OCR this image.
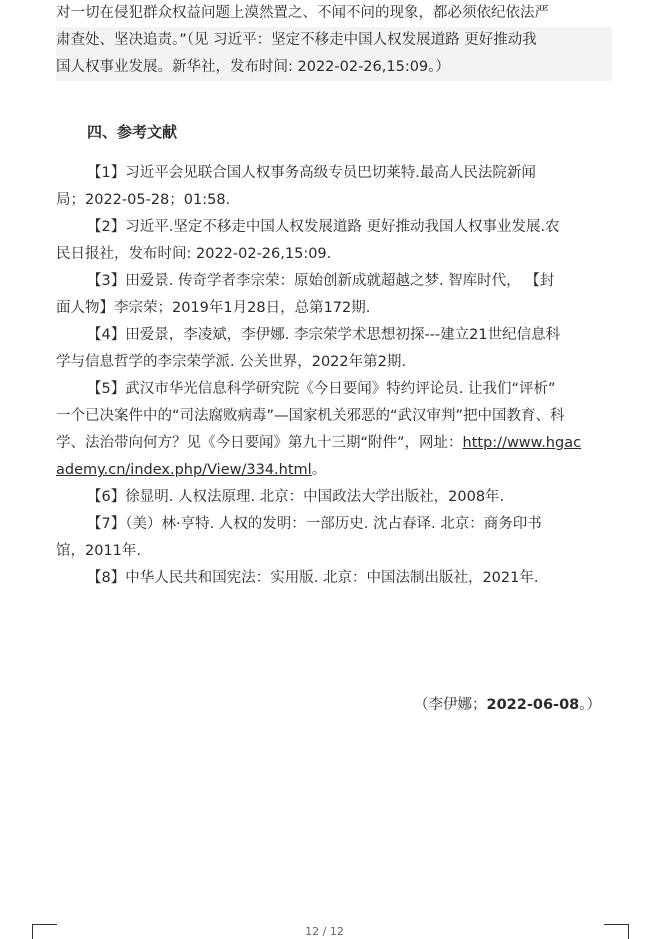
对一切在侵犯群众权益问题上漠然置之、不闻不问的现象，都必须依纪依法严
肃查处、坚决追责。”（见 习近平：坚定不移走中国人权发展道路 更好推动我
国人权事业发展。新华社，发布时间: 2022-02-26,15:09。）
四、参考文献
【1】习近平会见联合国人权事务高级专员巴切莱特.最高人民法院新闻
局；2022-05-28；01:58.
【2】习近平.坚定不移走中国人权发展道路 更好推动我国人权事业发展.农
民日报社，发布时间: 2022-02-26,15:09.
【3】田爱景. 传奇学者李宗荣：原始创新成就超越之梦. 智库时代， 【封
面人物】李宗荣；2019年1月28日，总第172期.
【4】田爱景，李凌斌，李伊娜. 李宗荣学术思想初探---建立21世纪信息科
学与信息哲学的李宗荣学派. 公关世界，2022年第2期.
【5】武汉市华光信息科学研究院《今日要闻》特约评论员. 让我们“评析”
一个已决案件中的“司法腐败病毒”—国家机关邪恶的“武汉审判”把中国教育、科
学、法治带向何方？见《今日要闻》第九十三期“附件”，网址：http://www.hgac
ademy.cn/index.php/View/334.html。
【6】徐显明. 人权法原理. 北京：中国政法大学出版社，2008年.
【7】（美）林·亨特. 人权的发明：一部历史. 沈占春译. 北京：商务印书
馆，2011年.
【8】中华人民共和国宪法：实用版. 北京：中国法制出版社，2021年.
（李伊娜；2022-06-08。）
12 / 12
